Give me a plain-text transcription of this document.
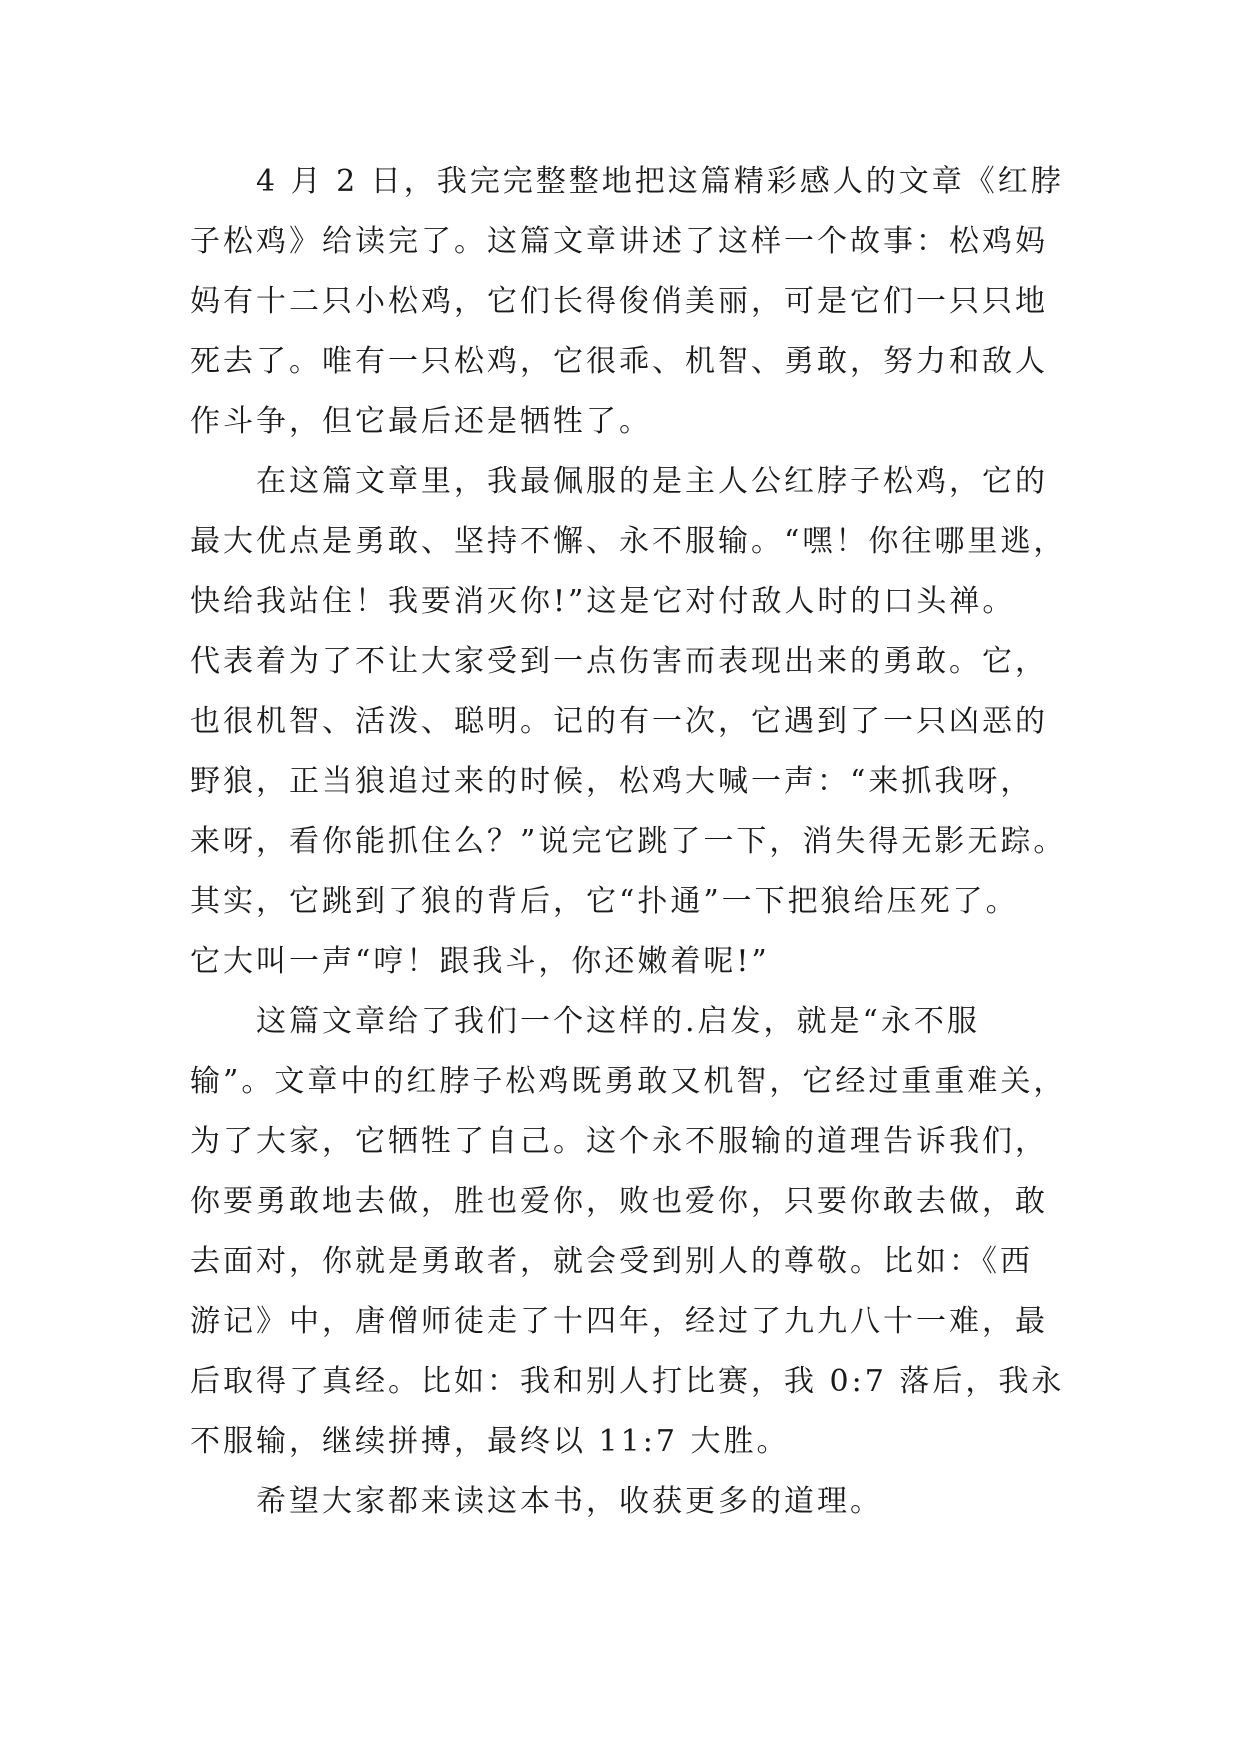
　　4 月 2 日，我完完整整地把这篇精彩感人的文章《红脖
子松鸡》给读完了。这篇文章讲述了这样一个故事：松鸡妈
妈有十二只小松鸡，它们长得俊俏美丽，可是它们一只只地
死去了。唯有一只松鸡，它很乖、机智、勇敢，努力和敌人
作斗争，但它最后还是牺牲了。

　　在这篇文章里，我最佩服的是主人公红脖子松鸡，它的
最大优点是勇敢、坚持不懈、永不服输。“嘿！你往哪里逃，
快给我站住！我要消灭你!”这是它对付敌人时的口头禅。
代表着为了不让大家受到一点伤害而表现出来的勇敢。它，
也很机智、活泼、聪明。记的有一次，它遇到了一只凶恶的
野狼，正当狼追过来的时候，松鸡大喊一声：“来抓我呀，
来呀，看你能抓住么？”说完它跳了一下，消失得无影无踪。
其实，它跳到了狼的背后，它“扑通”一下把狼给压死了。
它大叫一声“哼！跟我斗，你还嫩着呢!”

　　这篇文章给了我们一个这样的.启发，就是“永不服
输”。文章中的红脖子松鸡既勇敢又机智，它经过重重难关，
为了大家，它牺牲了自己。这个永不服输的道理告诉我们，
你要勇敢地去做，胜也爱你，败也爱你，只要你敢去做，敢
去面对，你就是勇敢者，就会受到别人的尊敬。比如：《西
游记》中，唐僧师徒走了十四年，经过了九九八十一难，最
后取得了真经。比如：我和别人打比赛，我 0:7 落后，我永
不服输，继续拼搏，最终以 11:7 大胜。

　　希望大家都来读这本书，收获更多的道理。
